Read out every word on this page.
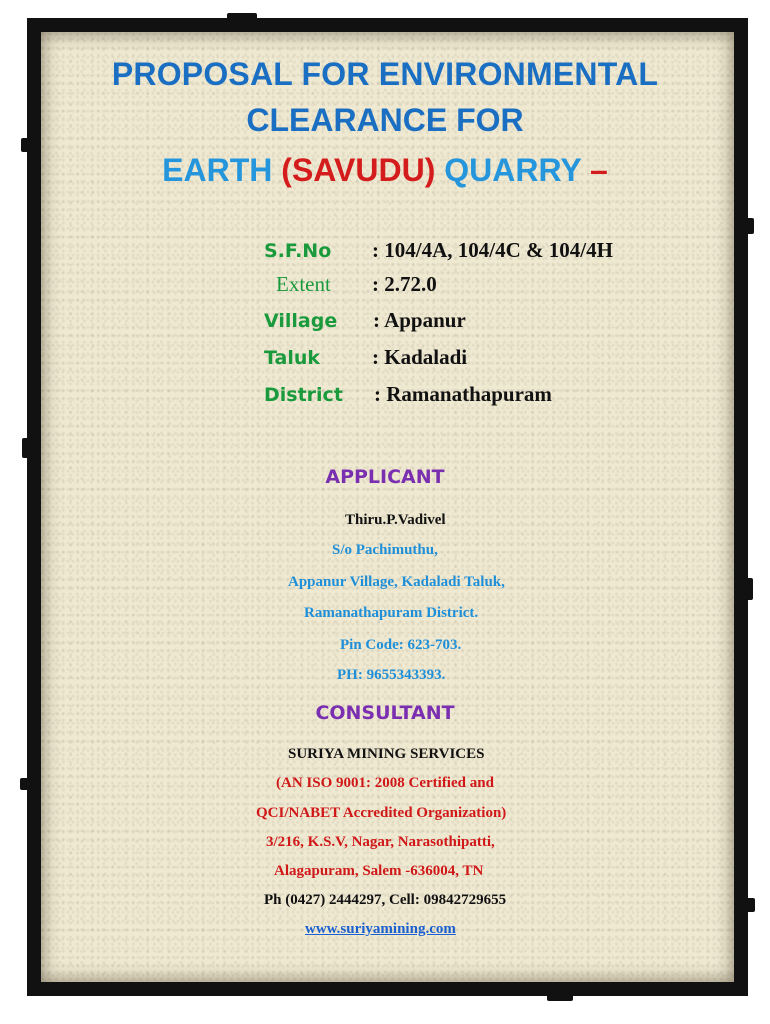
PROPOSAL FOR ENVIRONMENTAL
CLEARANCE FOR
EARTH (SAVUDU) QUARRY –
S.F.No : 104/4A, 104/4C & 104/4H
Extent : 2.72.0
Village : Appanur
Taluk : Kadaladi
District : Ramanathapuram
APPLICANT
Thiru.P.Vadivel
S/o Pachimuthu,
Appanur Village, Kadaladi Taluk,
Ramanathapuram District.
Pin Code: 623-703.
PH: 9655343393.
CONSULTANT
SURIYA MINING SERVICES
(AN ISO 9001: 2008 Certified and
QCI/NABET Accredited Organization)
3/216, K.S.V, Nagar, Narasothipatti,
Alagapuram, Salem -636004, TN
Ph (0427) 2444297, Cell: 09842729655
www.suriyamining.com
